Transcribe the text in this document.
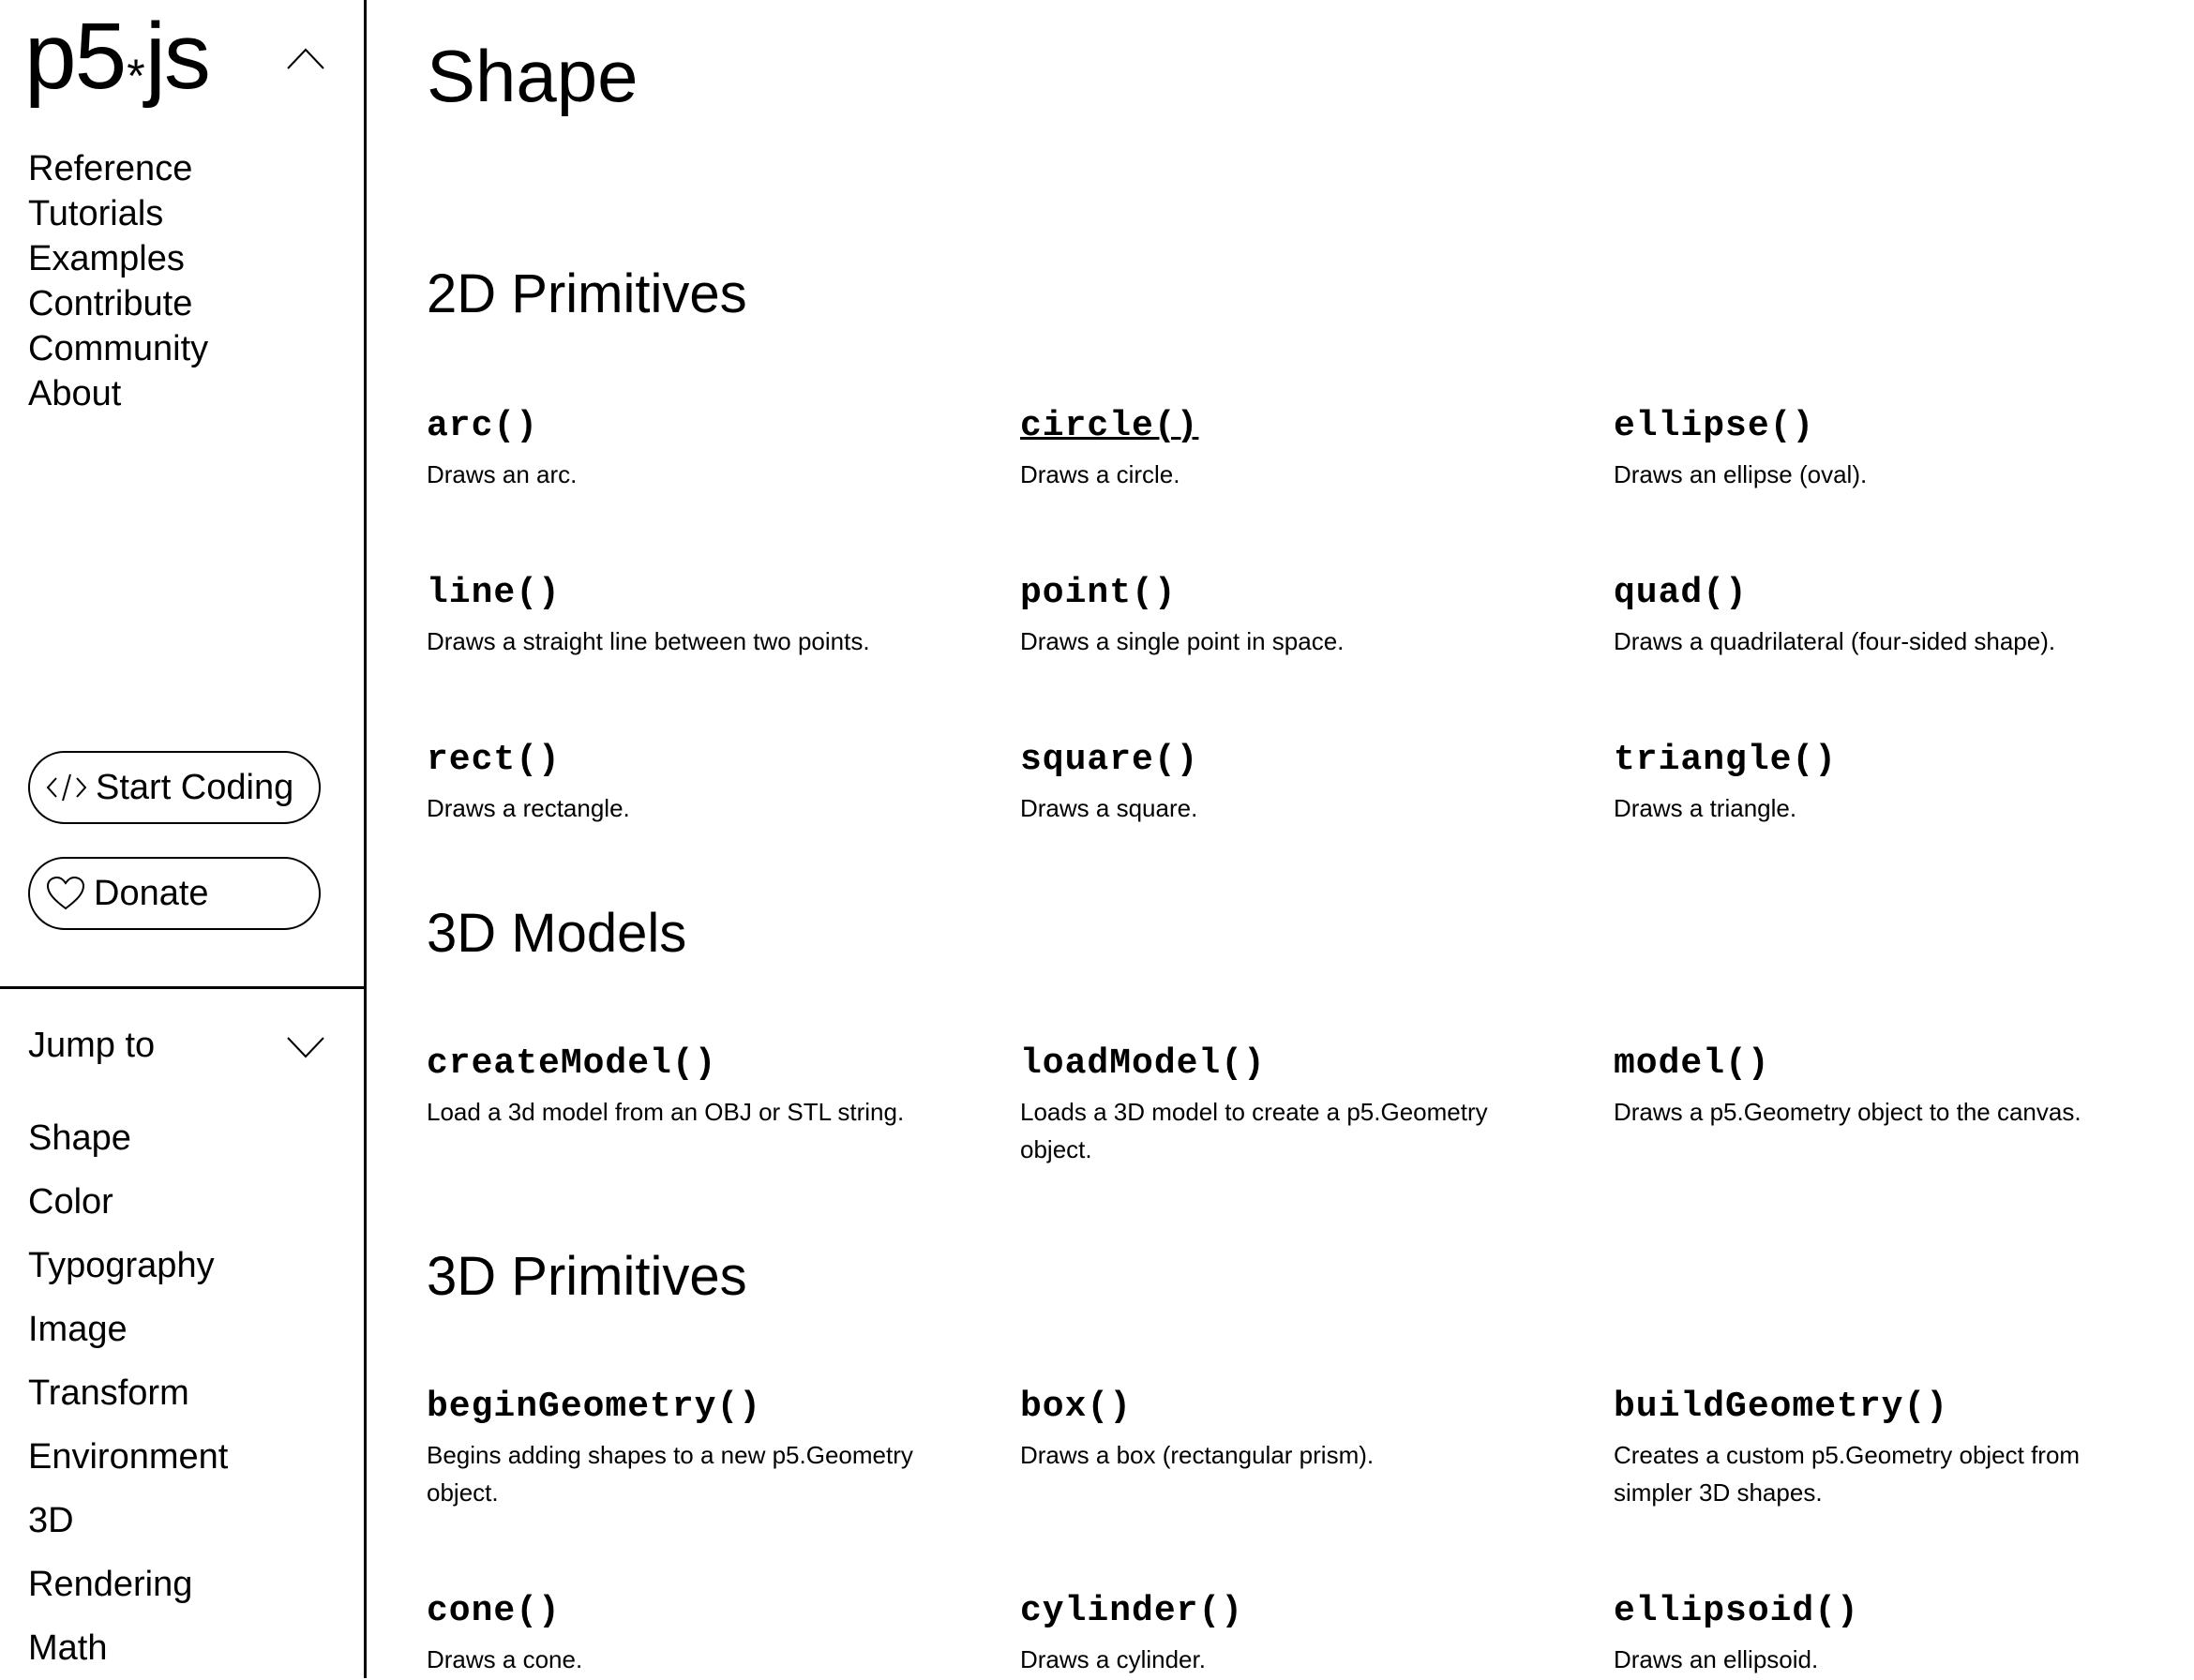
p5*js
Reference
Tutorials
Examples
Contribute
Community
About
Start Coding
Donate
Jump to
Shape
Color
Typography
Image
Transform
Environment
3D
Rendering
Math
Shape
2D Primitives
arc()
Draws an arc.
circle()
Draws a circle.
ellipse()
Draws an ellipse (oval).
line()
Draws a straight line between two points.
point()
Draws a single point in space.
quad()
Draws a quadrilateral (four-sided shape).
rect()
Draws a rectangle.
square()
Draws a square.
triangle()
Draws a triangle.
3D Models
createModel()
Load a 3d model from an OBJ or STL string.
loadModel()
Loads a 3D model to create a p5.Geometry object.
model()
Draws a p5.Geometry object to the canvas.
3D Primitives
beginGeometry()
Begins adding shapes to a new p5.Geometry object.
box()
Draws a box (rectangular prism).
buildGeometry()
Creates a custom p5.Geometry object from simpler 3D shapes.
cone()
Draws a cone.
cylinder()
Draws a cylinder.
ellipsoid()
Draws an ellipsoid.
